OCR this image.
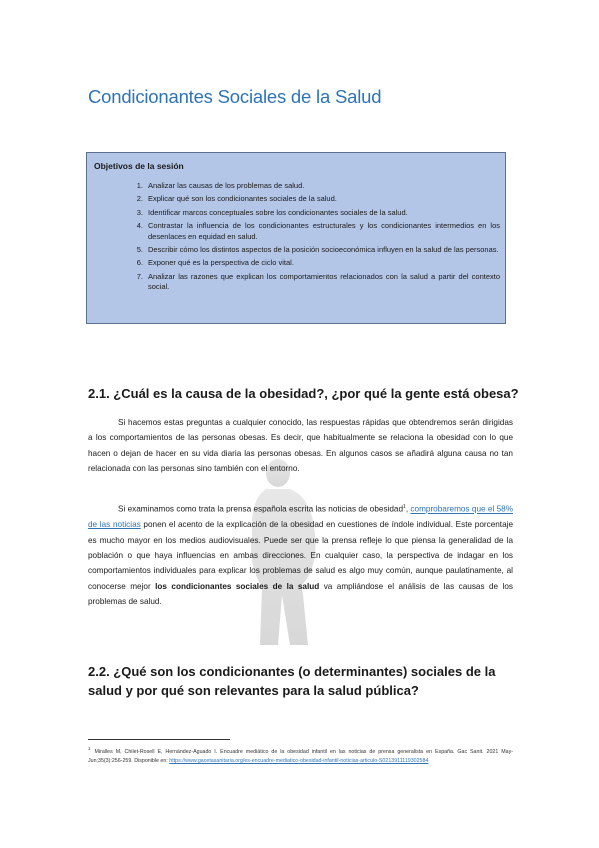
Condicionantes Sociales de la Salud

Objetivos de la sesión

1. Analizar las causas de los problemas de salud.
2. Explicar qué son los condicionantes sociales de la salud.
3. Identificar marcos conceptuales sobre los condicionantes sociales de la salud.
4. Contrastar la influencia de los condicionantes estructurales y los condicionantes intermedios en los desenlaces en equidad en salud.
5. Describir cómo los distintos aspectos de la posición socioeconómica influyen en la salud de las personas.
6. Exponer qué es la perspectiva de ciclo vital.
7. Analizar las razones que explican los comportamientos relacionados con la salud a partir del contexto social.
2.1. ¿Cuál es la causa de la obesidad?, ¿por qué la gente está obesa?

Si hacemos estas preguntas a cualquier conocido, las respuestas rápidas que obtendremos serán dirigidas a los comportamientos de las personas obesas. Es decir, que habitualmente se relaciona la obesidad con lo que hacen o dejan de hacer en su vida diaria las personas obesas. En algunos casos se añadirá alguna causa no tan relacionada con las personas sino también con el entorno.

Si examinamos como trata la prensa española escrita las noticias de obesidad$^1$, comprobaremos que el 58% de las noticias ponen el acento de la explicación de la obesidad en cuestiones de índole individual. Este porcentaje es mucho mayor en los medios audiovisuales. Puede ser que la prensa refleje lo que piensa la generalidad de la población o que haya influencias en ambas direcciones. En cualquier caso, la perspectiva de indagar en los comportamientos individuales para explicar los problemas de salud es algo muy común, aunque paulatinamente, al conocerse mejor los condicionantes sociales de la salud va ampliándose el análisis de las causas de los problemas de salud.

2.2. ¿Qué son los condicionantes (o determinantes) sociales de la salud y por qué son relevantes para la salud pública?

$^1$Miralles M, Chilet-Rosell E, Hernández-Aguado I. Encuadre mediático de la obesidad infantil en las noticias de prensa generalista en España. Gac Sanit. 2021 May-Jun;35(3):256-259. Disponible en: https://www.gacetasanitaria.org/es-encuadre-mediatico-obesidad-infantil-noticias-articulo-S0213911119302584
